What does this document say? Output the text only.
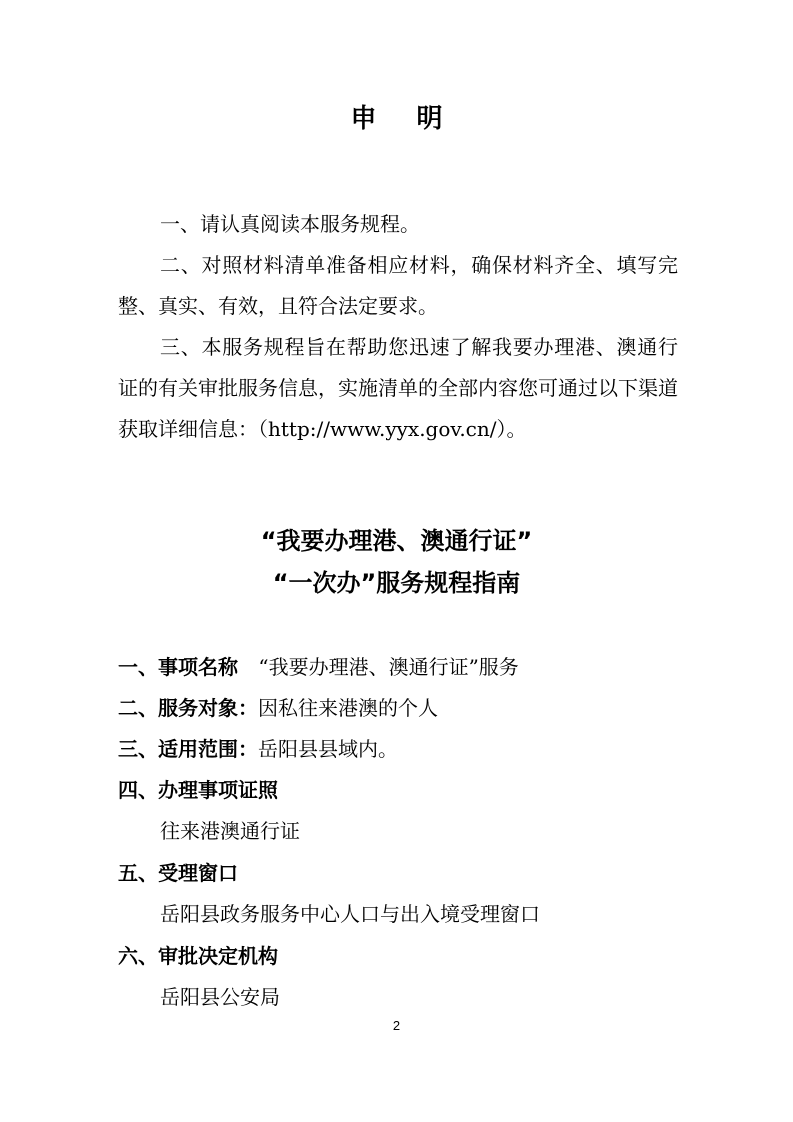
申明

一、请认真阅读本服务规程。

二、对照材料清单准备相应材料，确保材料齐全、填写完整、真实、有效，且符合法定要求。

三、本服务规程旨在帮助您迅速了解我要办理港、澳通行证的有关审批服务信息，实施清单的全部内容您可通过以下渠道获取详细信息：（http://www.yyx.gov.cn/）。

“我要办理港、澳通行证”
“一次办”服务规程指南
一、事项名称 “我要办理港、澳通行证”服务
二、服务对象：因私往来港澳的个人
三、适用范围：岳阳县县域内。
四、办理事项证照
往来港澳通行证
五、受理窗口
岳阳县政务服务中心人口与出入境受理窗口
六、审批决定机构
岳阳县公安局
2
